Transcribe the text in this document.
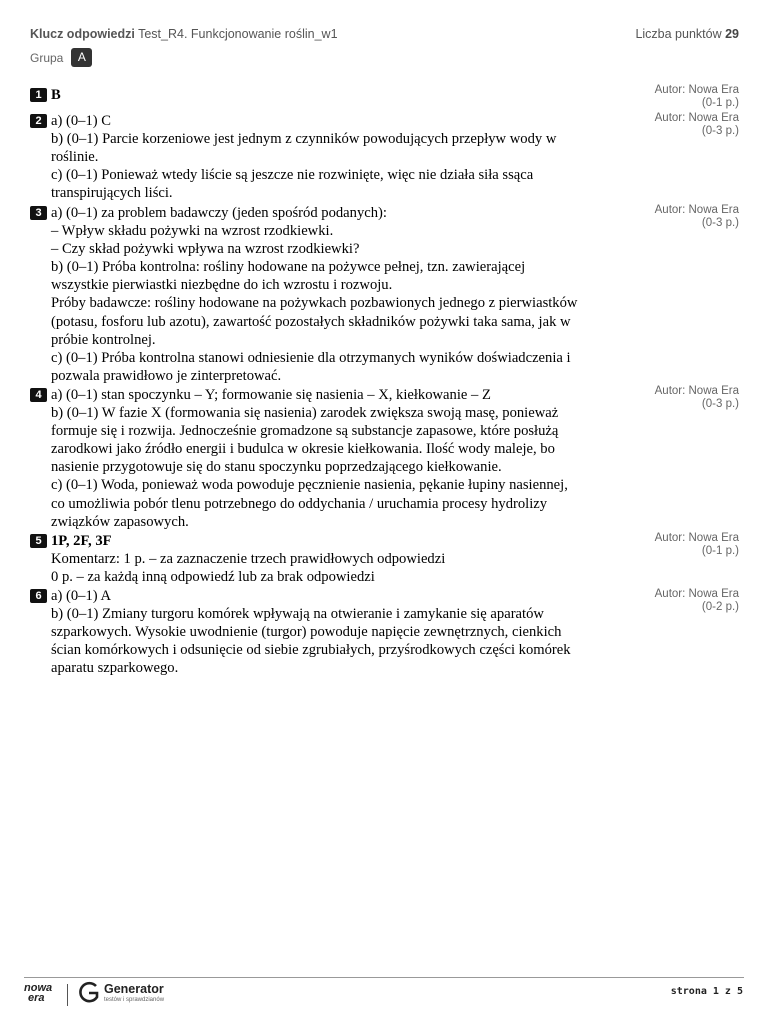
Klucz odpowiedzi Test_R4. Funkcjonowanie roślin_w1	Liczba punktów 29
Grupa	A
1 B	Autor: Nowa Era
(0-1 p.)
2 a) (0–1) C
b) (0–1) Parcie korzeniowe jest jednym z czynników powodujących przepływ wody w
roślinie.
c) (0–1) Ponieważ wtedy liście są jeszcze nie rozwinięte, więc nie działa siła ssąca
transpirujących liści.
Autor: Nowa Era
(0-3 p.)
3 a) (0–1) za problem badawczy (jeden spośród podanych):
– Wpływ składu pożywki na wzrost rzodkiewki.
– Czy skład pożywki wpływa na wzrost rzodkiewki?
b) (0–1) Próba kontrolna: rośliny hodowane na pożywce pełnej, tzn. zawierającej
wszystkie pierwiastki niezbędne do ich wzrostu i rozwoju.
Próby badawcze: rośliny hodowane na pożywkach pozbawionych jednego z pierwiastków
(potasu, fosforu lub azotu), zawartość pozostałych składników pożywki taka sama, jak w
próbie kontrolnej.
c) (0–1) Próba kontrolna stanowi odniesienie dla otrzymanych wyników doświadczenia i
pozwala prawidłowo je zinterpretować.
Autor: Nowa Era
(0-3 p.)
4 a) (0–1) stan spoczynku – Y; formowanie się nasienia – X, kiełkowanie – Z
b) (0–1) W fazie X (formowania się nasienia) zarodek zwiększa swoją masę, ponieważ
formuje się i rozwija. Jednocześnie gromadzone są substancje zapasowe, które posłużą
zarodkowi jako źródło energii i budulca w okresie kiełkowania. Ilość wody maleje, bo
nasienie przygotowuje się do stanu spoczynku poprzedzającego kiełkowanie.
c) (0–1) Woda, ponieważ woda powoduje pęcznienie nasienia, pękanie łupiny nasiennej,
co umożliwia pobór tlenu potrzebnego do oddychania / uruchamia procesy hydrolizy
związków zapasowych.
Autor: Nowa Era
(0-3 p.)
5 1P, 2F, 3F
Komentarz: 1 p. – za zaznaczenie trzech prawidłowych odpowiedzi
0 p. – za każdą inną odpowiedź lub za brak odpowiedzi
Autor: Nowa Era
(0-1 p.)
6 a) (0–1) A
b) (0–1) Zmiany turgoru komórek wpływają na otwieranie i zamykanie się aparatów
szparkowych. Wysokie uwodnienie (turgor) powoduje napięcie zewnętrznych, cienkich
ścian komórkowych i odsunięcie od siebie zgrubiałych, przyśrodkowych części komórek
aparatu szparkowego.
Autor: Nowa Era
(0-2 p.)
nowa
era
Generator
testów i sprawdzianów
strona 1 z 5
